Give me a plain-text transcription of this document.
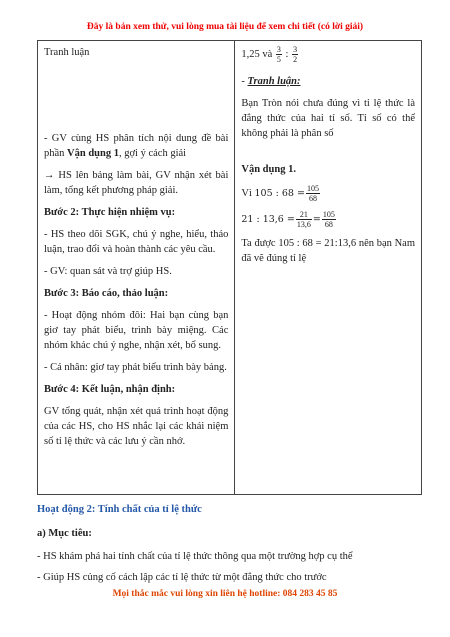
Đây là bản xem thử, vui lòng mua tài liệu để xem chi tiết (có lời giải)
Tranh luận
- GV cùng HS phân tích nội dung đề bài phần Vận dụng 1, gợi ý cách giải
→ HS lên bảng làm bài, GV nhận xét bài làm, tổng kết phương pháp giải.
Bước 2: Thực hiện nhiệm vụ:
- HS theo dõi SGK, chú ý nghe, hiểu, thảo luận, trao đổi và hoàn thành các yêu cầu.
- GV: quan sát và trợ giúp HS.
Bước 3: Báo cáo, thảo luận:
- Hoạt động nhóm đôi: Hai bạn cùng bạn giơ tay phát biểu, trình bày miệng. Các nhóm khác chú ý nghe, nhận xét, bổ sung.
- Cá nhân: giơ tay phát biểu trình bày bảng.
Bước 4: Kết luận, nhận định:
GV tổng quát, nhận xét quá trình hoạt động của các HS, cho HS nhắc lại các khái niệm số tỉ lệ thức và các lưu ý cần nhớ.

1,25 và $\frac{3}{5}$ : $\frac{3}{2}$
- Tranh luận:
Bạn Tròn nói chưa đúng vì tỉ lệ thức là đẳng thức của hai tỉ số. Tỉ số có thể không phải là phân số
Vận dụng 1.
Vì 105 : $68 = \frac{105}{68}$
21 : $13,6 = \frac{21}{13,6} = \frac{105}{68}$
Ta được 105 : 68 = 21:13,6 nên bạn Nam đã vẽ đúng tỉ lệ
Hoạt động 2: Tính chất của tỉ lệ thức
a) Mục tiêu:
- HS khám phá hai tính chất của tỉ lệ thức thông qua một trường hợp cụ thể
- Giúp HS củng cố cách lập các tỉ lệ thức từ một đẳng thức cho trước
Mọi thắc mắc vui lòng xin liên hệ hotline: 084 283 45 85
